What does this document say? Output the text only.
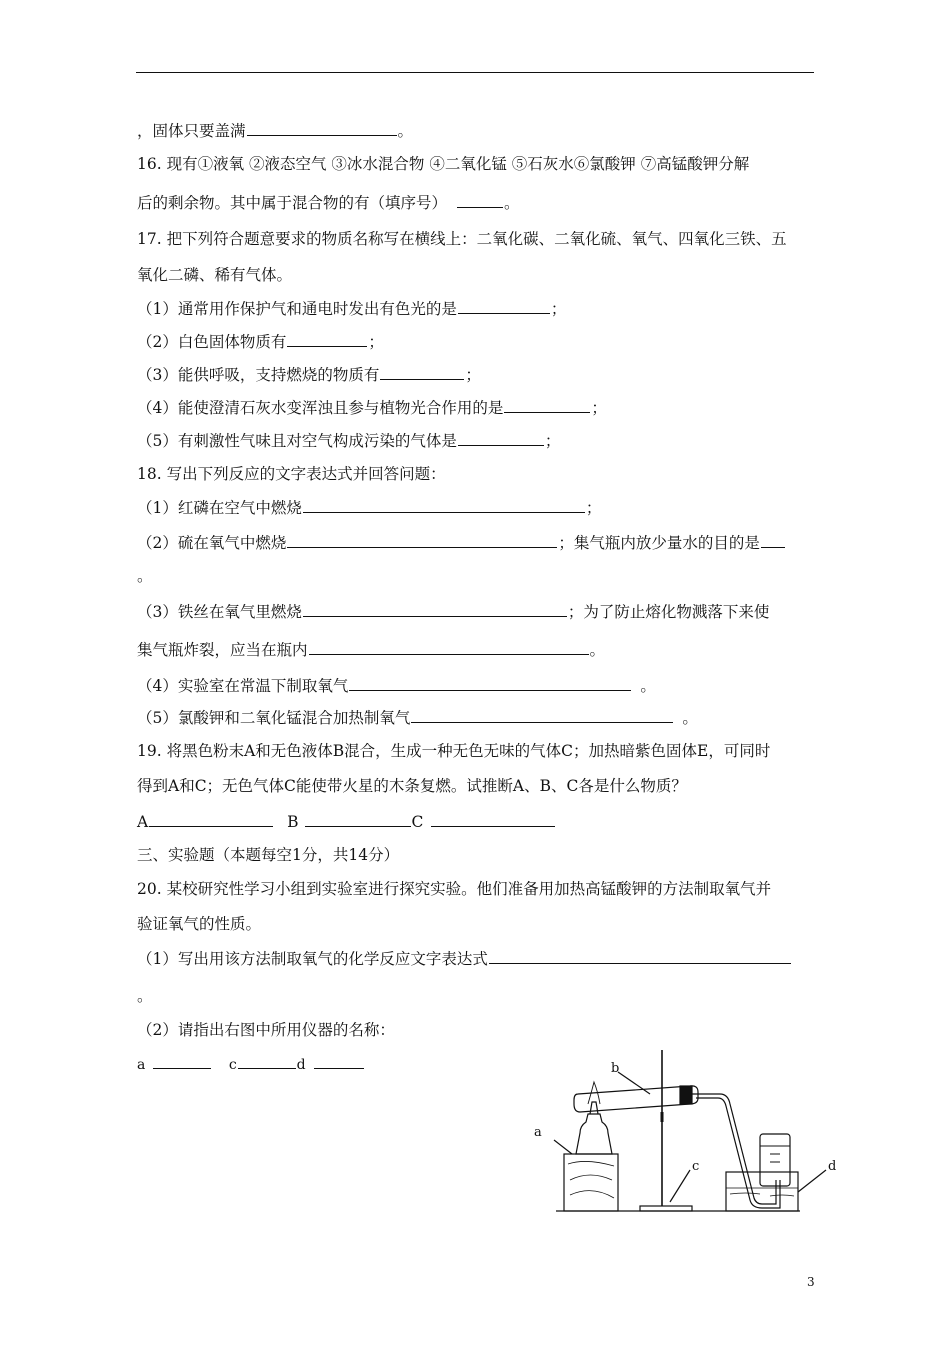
，固体只要盖满	。
16. 现有①液氧 ②液态空气 ③冰水混合物 ④二氧化锰 ⑤石灰水⑥氯酸钾 ⑦高锰酸钾分解
后的剩余物。其中属于混合物的有（填序号）	。
17. 把下列符合题意要求的物质名称写在横线上：二氧化碳、二氧化硫、氧气、四氧化三铁、五
氧化二磷、稀有气体。
（1）通常用作保护气和通电时发出有色光的是	；
（2）白色固体物质有	；
（3）能供呼吸，支持燃烧的物质有	；
（4）能使澄清石灰水变浑浊且参与植物光合作用的是	；
（5）有刺激性气味且对空气构成污染的气体是	；
18. 写出下列反应的文字表达式并回答问题：
（1）红磷在空气中燃烧	；
（2）硫在氧气中燃烧	；集气瓶内放少量水的目的是
。
（3）铁丝在氧气里燃烧	；为了防止熔化物溅落下来使
集气瓶炸裂，应当在瓶内	。
（4）实验室在常温下制取氧气	。
（5）氯酸钾和二氧化锰混合加热制氧气	。
19. 将黑色粉末A和无色液体B混合，生成一种无色无味的气体C；加热暗紫色固体E，可同时
得到A和C；无色气体C能使带火星的木条复燃。试推断A、B、C各是什么物质？
A	B	C
三、实验题（本题每空1分，共14分）
20. 某校研究性学习小组到实验室进行探究实验。他们准备用加热高锰酸钾的方法制取氧气并
验证氧气的性质。
（1）写出用该方法制取氧气的化学反应文字表达式
。
（2）请指出右图中所用仪器的名称：
a	c	d
a
b
c	d
3
